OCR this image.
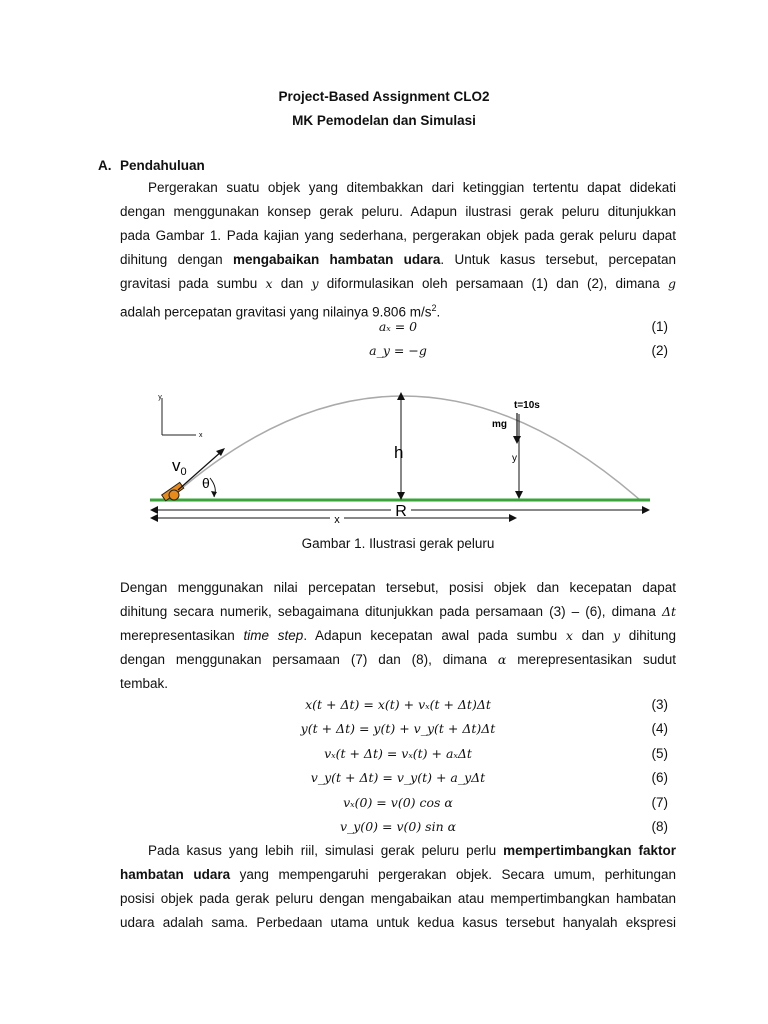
Project-Based Assignment CLO2
MK Pemodelan dan Simulasi
A. Pendahuluan
Pergerakan suatu objek yang ditembakkan dari ketinggian tertentu dapat didekati
dengan menggunakan konsep gerak peluru. Adapun ilustrasi gerak peluru ditunjukkan
pada Gambar 1. Pada kajian yang sederhana, pergerakan objek pada gerak peluru dapat
dihitung dengan mengabaikan hambatan udara. Untuk kasus tersebut, percepatan
gravitasi pada sumbu x dan y diformulasikan oleh persamaan (1) dan (2), dimana g
adalah percepatan gravitasi yang nilainya 9.806 $m/s^2$.
aₓ = 0	(1)
a_y = −g	(2)
y
x
$v_0$
θ
h
t=10s
mg
y
R
x
Gambar 1. Ilustrasi gerak peluru
Dengan menggunakan nilai percepatan tersebut, posisi objek dan kecepatan dapat
dihitung secara numerik, sebagaimana ditunjukkan pada persamaan (3) – (6), dimana Δt
merepresentasikan time step. Adapun kecepatan awal pada sumbu x dan y dihitung
dengan menggunakan persamaan (7) dan (8), dimana α merepresentasikan sudut
tembak.
x(t + Δt) = x(t) + vₓ(t + Δt)Δt	(3)
y(t + Δt) = y(t) + v_y(t + Δt)Δt	(4)
vₓ(t + Δt) = vₓ(t) + aₓΔt	(5)
v_y(t + Δt) = v_y(t) + a_yΔt	(6)
vₓ(0) = v(0) cos α	(7)
v_y(0) = v(0) sin α	(8)
Pada kasus yang lebih riil, simulasi gerak peluru perlu mempertimbangkan faktor
hambatan udara yang mempengaruhi pergerakan objek. Secara umum, perhitungan
posisi objek pada gerak peluru dengan mengabaikan atau mempertimbangkan hambatan
udara adalah sama. Perbedaan utama untuk kedua kasus tersebut hanyalah ekspresi
